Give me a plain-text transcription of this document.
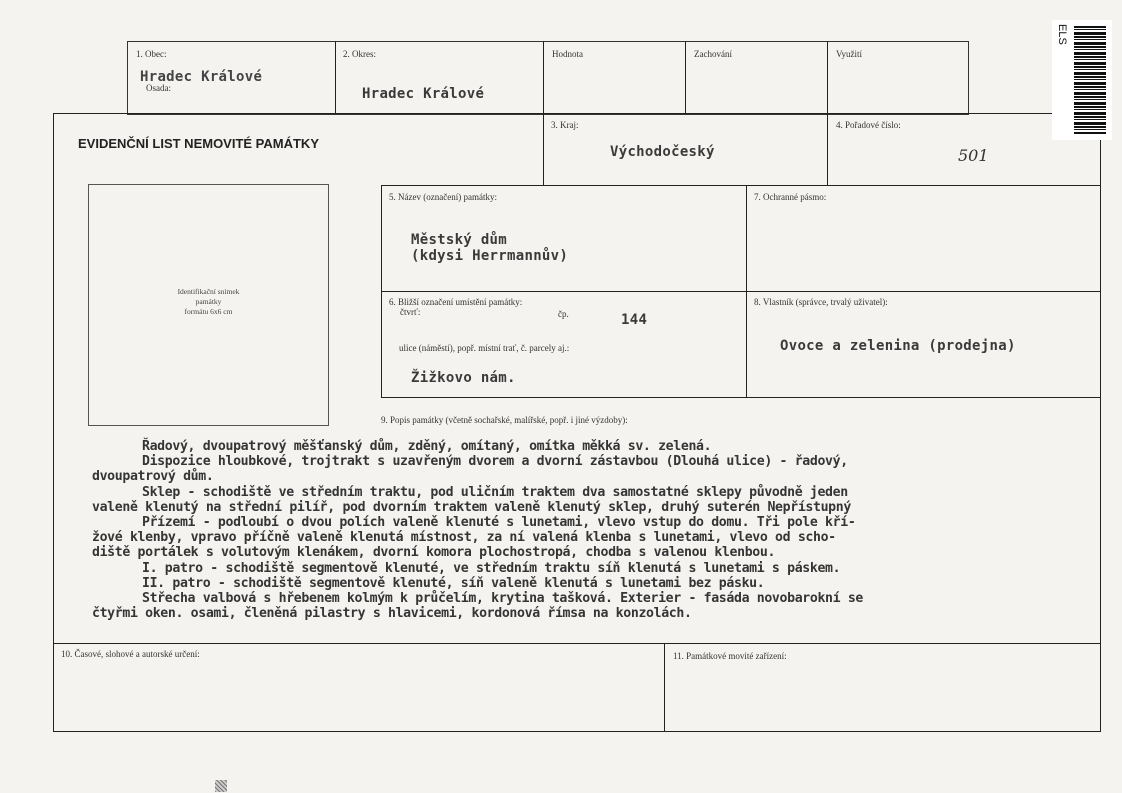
1. Obec:
Hradec Králové
Osada:
2. Okres:
Hradec Králové
Hodnota	Zachování	Využití
EVIDENČNÍ LIST NEMOVITÉ PAMÁTKY
3. Kraj:
Východočeský
4. Pořadové číslo:
501
Identifikační snímek
památky
formátu 6x6 cm
5. Název (označení) památky:
Městský dům
(kdysi Herrmannův)
7. Ochranné pásmo:
6. Bližší označení umístění památky:
čtvrť:	čp.	144
ulice (náměstí), popř. místní trať, č. parcely aj.:
Žižkovo nám.
8. Vlastník (správce, trvalý uživatel):
Ovoce a zelenina (prodejna)
9. Popis památky (včetně sochařské, malířské, popř. i jiné výzdoby):
Řadový, dvoupatrový měšťanský dům, zděný, omítaný, omítka měkká sv. zelená.
Dispozice hloubkové, trojtrakt s uzavřeným dvorem a dvorní zástavbou (Dlouhá ulice) - řadový,
dvoupatrový dům.
Sklep - schodiště ve středním traktu, pod uličním traktem dva samostatné sklepy původně jeden
valeně klenutý na střední pilíř, pod dvorním traktem valeně klenutý sklep, druhý suterén Nepřístupný
Přízemí - podloubí o dvou polích valeně klenuté s lunetami, vlevo vstup do domu. Tři pole kří-
žové klenby, vpravo příčně valeně klenutá místnost, za ní valená klenba s lunetami, vlevo od scho-
diště portálek s volutovým klenákem, dvorní komora plochostropá, chodba s valenou klenbou.
I. patro - schodiště segmentově klenuté, ve středním traktu síň klenutá s lunetami s páskem.
II. patro - schodiště segmentově klenuté, síň valeně klenutá s lunetami bez pásku.
Střecha valbová s hřebenem kolmým k průčelím, krytina tašková. Exterier - fasáda novobarokní se
čtyřmi oken. osami, členěná pilastry s hlavicemi, kordonová římsa na konzolách.
10. Časové, slohové a autorské určení:	11. Památkové movité zařízení:
ELS
